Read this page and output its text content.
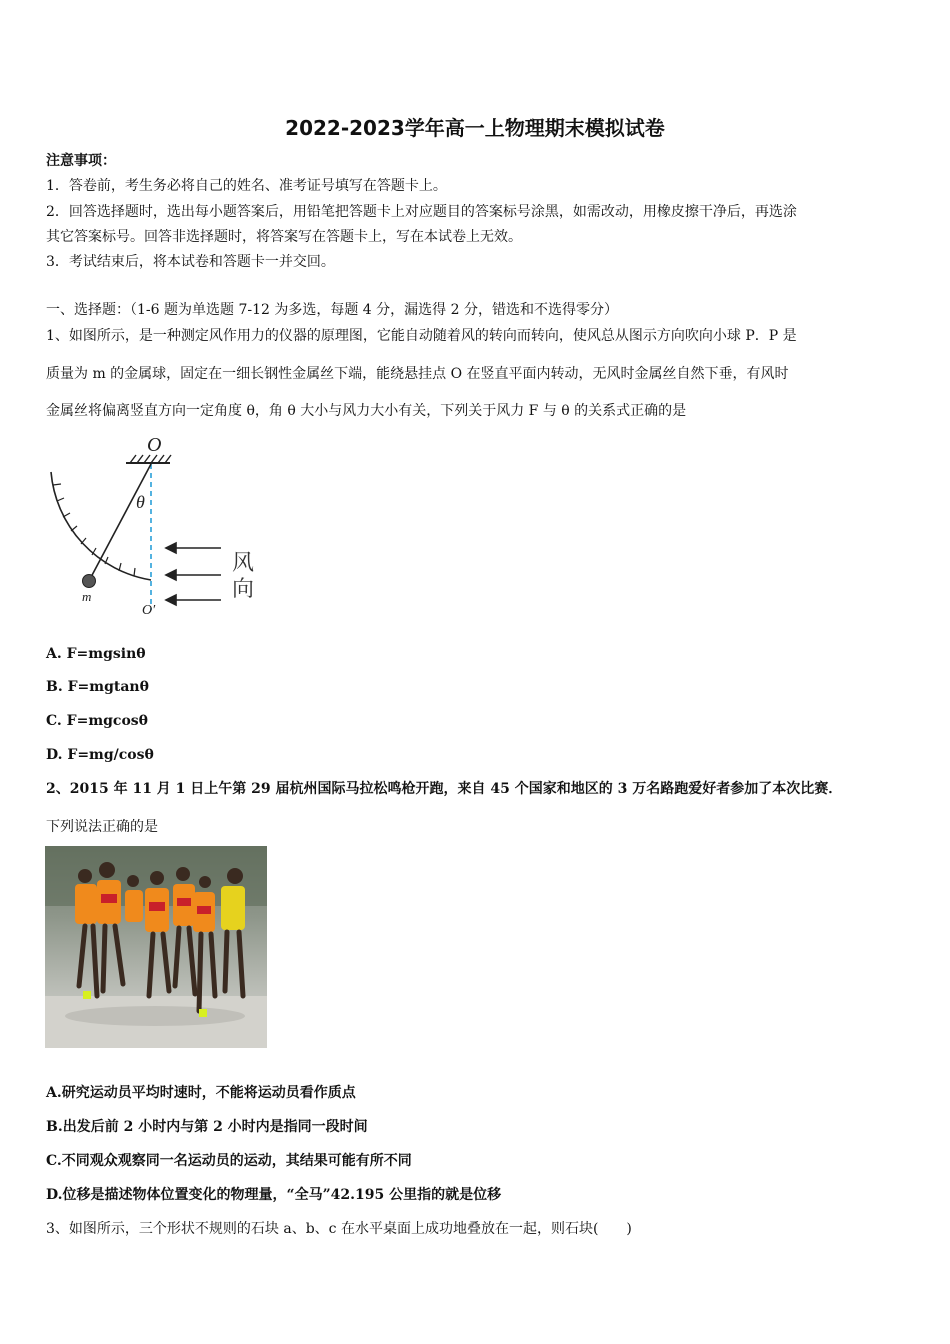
2022-2023学年高一上物理期末模拟试卷
注意事项：
1．答卷前，考生务必将自己的姓名、准考证号填写在答题卡上。
2．回答选择题时，选出每小题答案后，用铅笔把答题卡上对应题目的答案标号涂黑，如需改动，用橡皮擦干净后，再选涂
其它答案标号。回答非选择题时，将答案写在答题卡上，写在本试卷上无效。
3．考试结束后，将本试卷和答题卡一并交回。
一、选择题：（1-6 题为单选题 7-12 为多选，每题 4 分，漏选得 2 分，错选和不选得零分）
1、如图所示，是一种测定风作用力的仪器的原理图，它能自动随着风的转向而转向，使风总从图示方向吹向小球 P．P 是
质量为 m 的金属球，固定在一细长钢性金属丝下端，能绕悬挂点 O 在竖直平面内转动，无风时金属丝自然下垂，有风时
金属丝将偏离竖直方向一定角度 θ，角 θ 大小与风力大小有关，下列关于风力 F 与 θ 的关系式正确的是
O
θ
m
O′
风
向
A. F=mgsinθ
B. F=mgtanθ
C. F=mgcosθ
D. F=mg/cosθ
2、2015 年 11 月 1 日上午第 29 届杭州国际马拉松鸣枪开跑，来自 45 个国家和地区的 3 万名路跑爱好者参加了本次比赛．
下列说法正确的是
A.研究运动员平均时速时，不能将运动员看作质点
B.出发后前 2 小时内与第 2 小时内是指同一段时间
C.不同观众观察同一名运动员的运动，其结果可能有所不同
D.位移是描述物体位置变化的物理量，“全马”42.195 公里指的就是位移
3、如图所示，三个形状不规则的石块 a、b、c 在水平桌面上成功地叠放在一起，则石块(　　)
